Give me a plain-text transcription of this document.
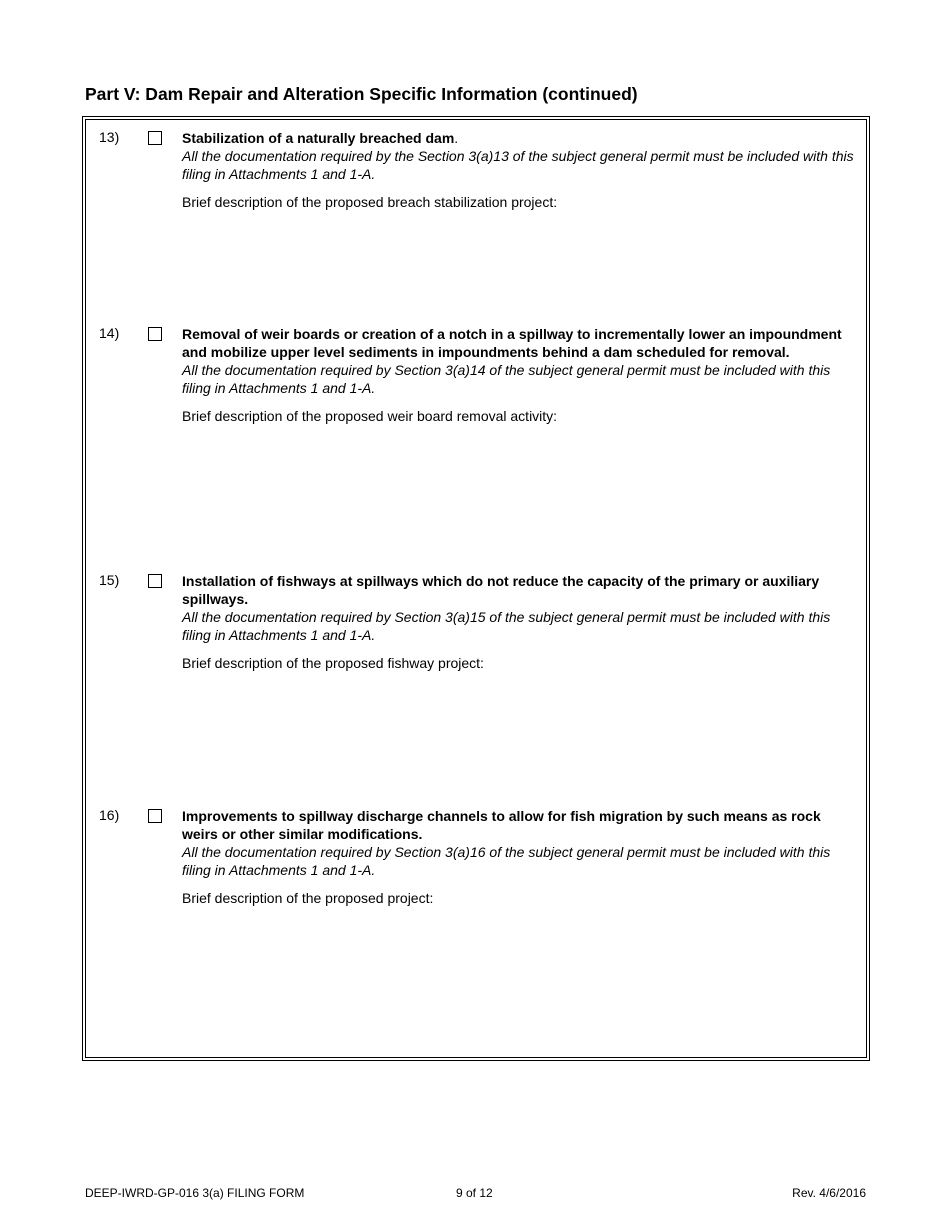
Part V: Dam Repair and Alteration Specific Information (continued)
13)	Stabilization of a naturally breached dam.
All the documentation required by the Section 3(a)13 of the subject general permit must be included with this filing in Attachments 1 and 1-A.
Brief description of the proposed breach stabilization project:
14)	Removal of weir boards or creation of a notch in a spillway to incrementally lower an impoundment and mobilize upper level sediments in impoundments behind a dam scheduled for removal.
All the documentation required by Section 3(a)14 of the subject general permit must be included with this filing in Attachments 1 and 1-A.
Brief description of the proposed weir board removal activity:
15)	Installation of fishways at spillways which do not reduce the capacity of the primary or auxiliary spillways.
All the documentation required by Section 3(a)15 of the subject general permit must be included with this filing in Attachments 1 and 1-A.
Brief description of the proposed fishway project:
16)	Improvements to spillway discharge channels to allow for fish migration by such means as rock weirs or other similar modifications.
All the documentation required by Section 3(a)16 of the subject general permit must be included with this filing in Attachments 1 and 1-A.
Brief description of the proposed project:
DEEP-IWRD-GP-016 3(a) FILING FORM	9 of 12	Rev. 4/6/2016
